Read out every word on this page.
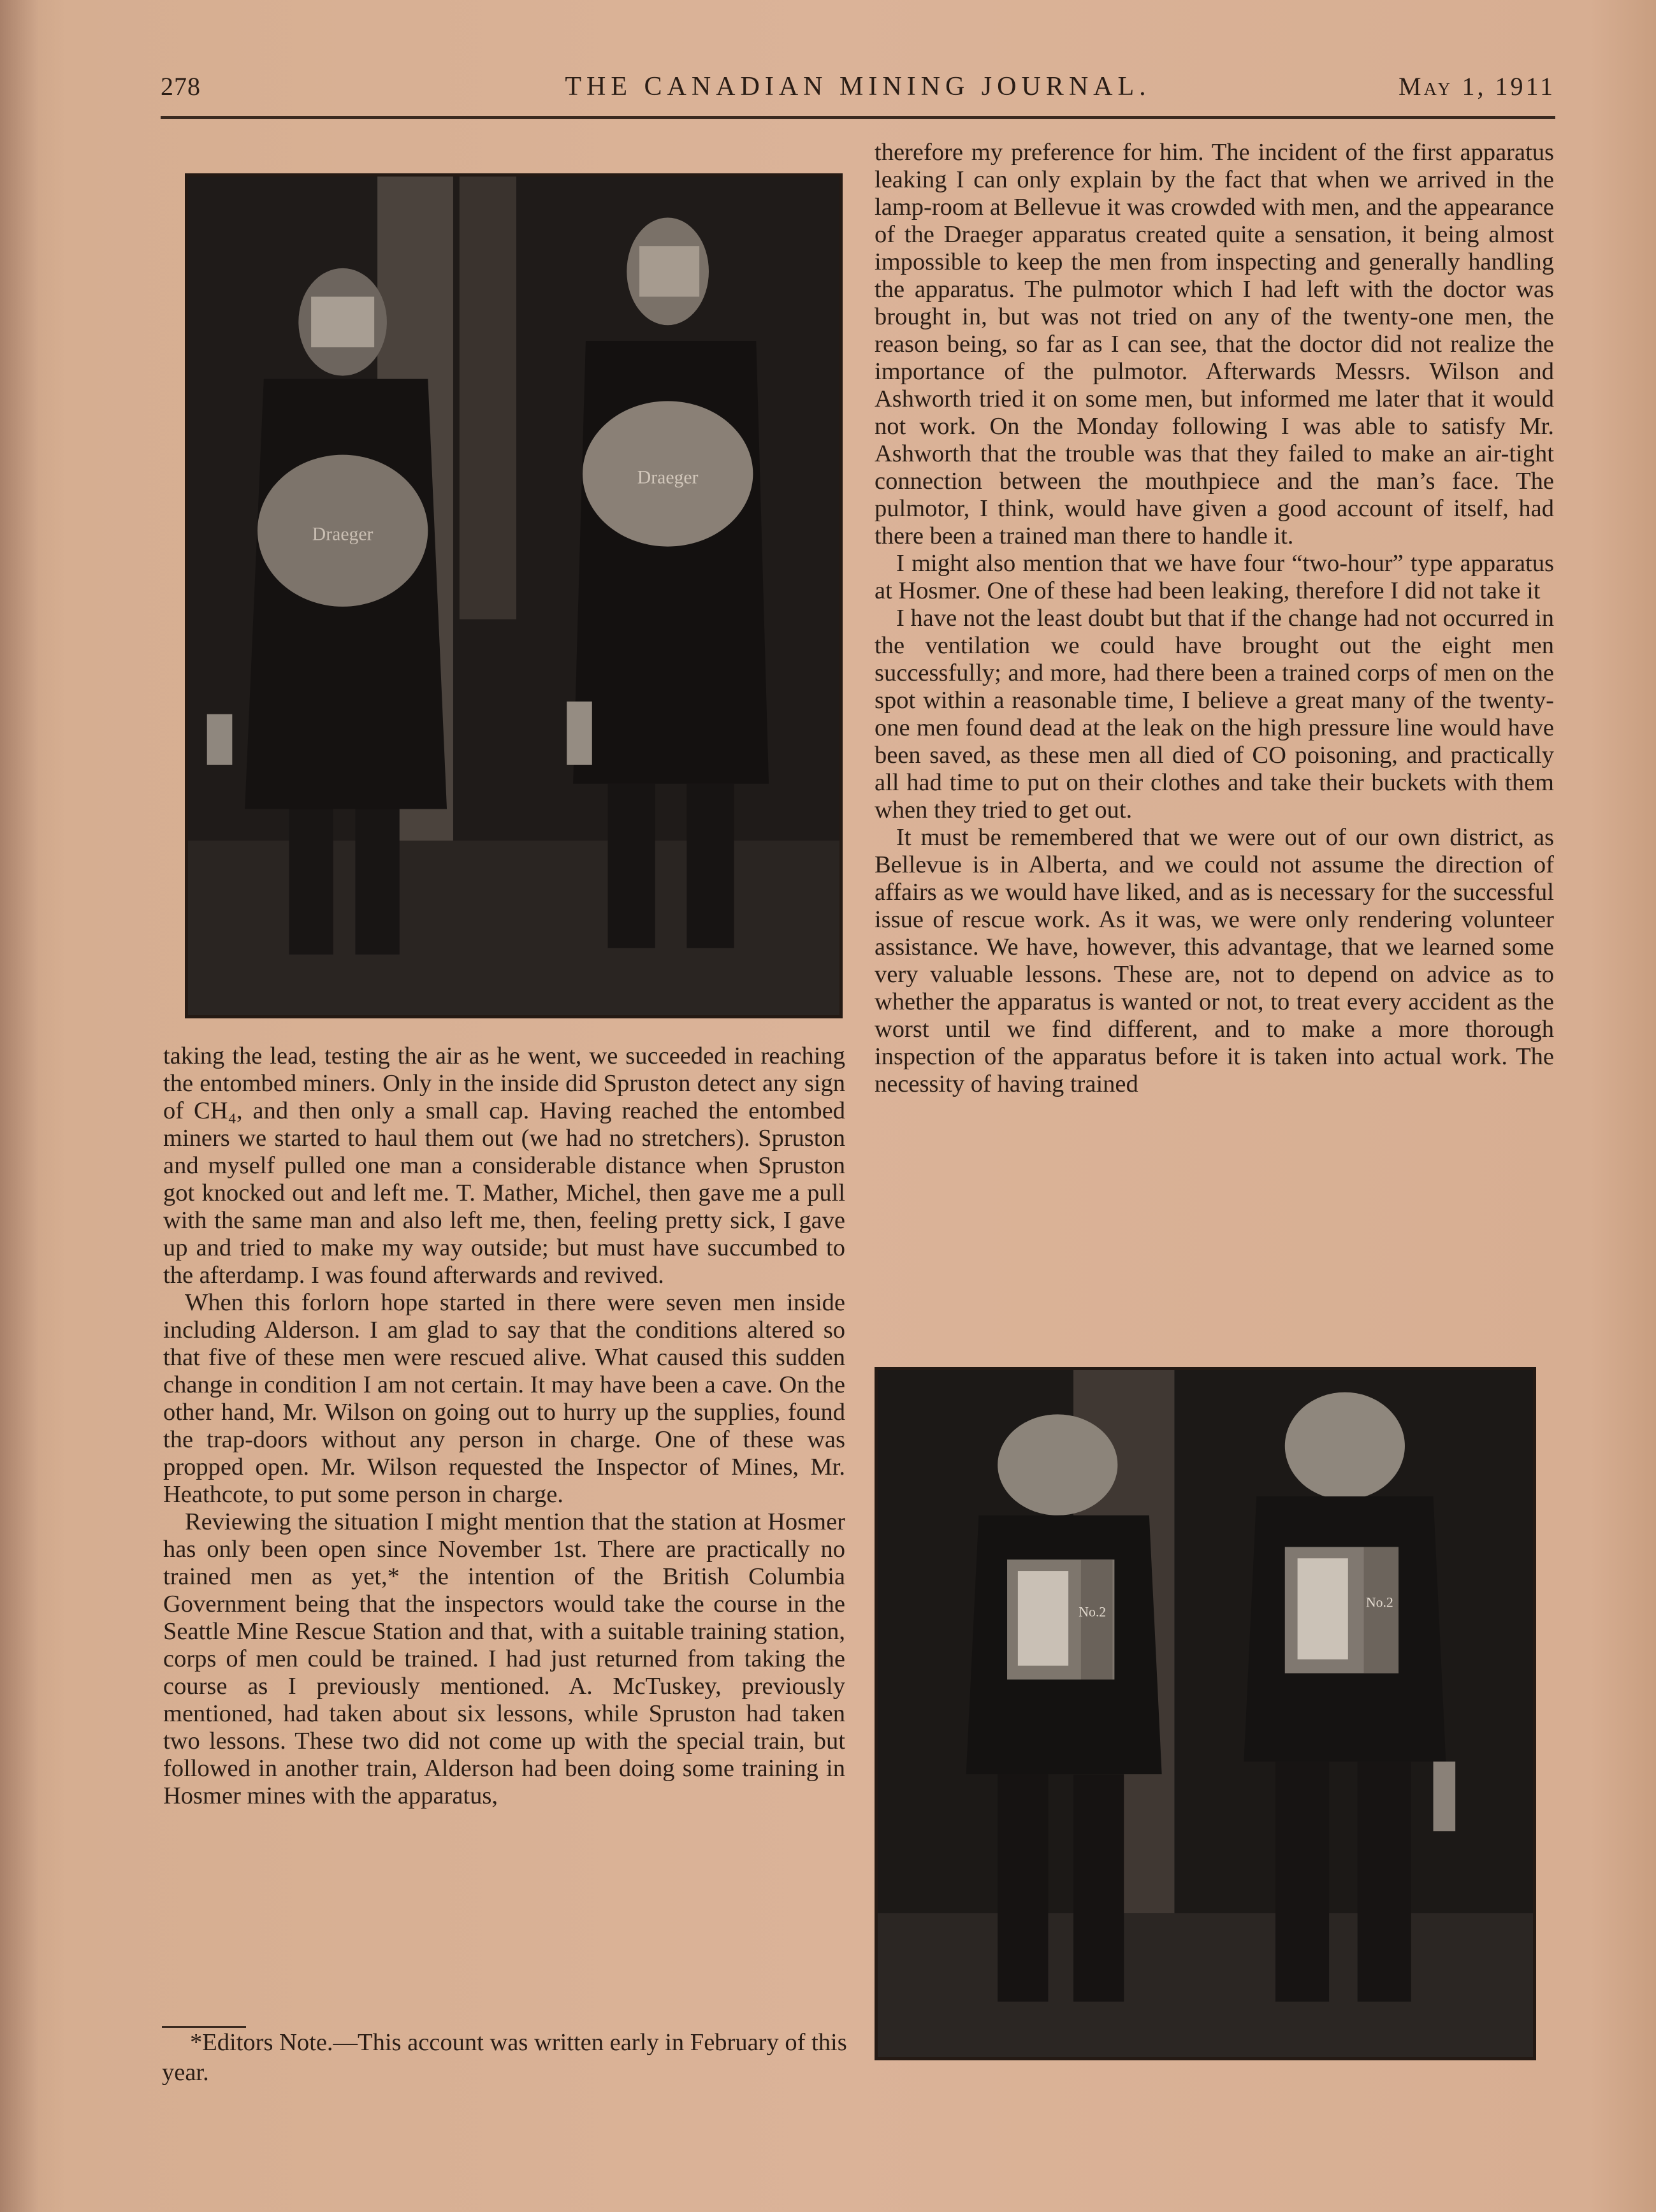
278	THE CANADIAN MINING JOURNAL.	May 1, 1911
Draeger
Draeger
No.2
No.2

therefore my preference for him. The incident of the first apparatus leaking I can only explain by the fact that when we arrived in the lamp-room at Bellevue it was crowded with men, and the appearance of the Draeger apparatus created quite a sensation, it being almost impossible to keep the men from inspecting and generally handling the apparatus. The pulmotor which I had left with the doctor was brought in, but was not tried on any of the twenty-one men, the reason being, so far as I can see, that the doctor did not realize the importance of the pulmotor. Afterwards Messrs. Wilson and Ashworth tried it on some men, but informed me later that it would not work. On the Monday following I was able to satisfy Mr. Ashworth that the trouble was that they failed to make an air-tight connection between the mouthpiece and the man’s face. The pulmotor, I think, would have given a good account of itself, had there been a trained man there to handle it.

I might also mention that we have four “two-hour” type apparatus at Hosmer. One of these had been leaking, therefore I did not take it

I have not the least doubt but that if the change had not occurred in the ventilation we could have brought out the eight men successfully; and more, had there been a trained corps of men on the spot within a reasonable time, I believe a great many of the twenty-one men found dead at the leak on the high pressure line would have been saved, as these men all died of CO poisoning, and practically all had time to put on their clothes and take their buckets with them when they tried to get out.

It must be remembered that we were out of our own district, as Bellevue is in Alberta, and we could not assume the direction of affairs as we would have liked, and as is necessary for the successful issue of rescue work. As it was, we were only rendering volunteer assistance. We have, however, this advantage, that we learned some very valuable lessons. These are, not to depend on advice as to whether the apparatus is wanted or not, to treat every accident as the worst until we find different, and to make a more thorough inspection of the apparatus before it is taken into actual work. The necessity of having trained

taking the lead, testing the air as he went, we succeeded in reaching the entombed miners. Only in the inside did Spruston detect any sign of CH₄, and then only a small cap. Having reached the entombed miners we started to haul them out (we had no stretchers). Spruston and myself pulled one man a considerable distance when Spruston got knocked out and left me. T. Mather, Michel, then gave me a pull with the same man and also left me, then, feeling pretty sick, I gave up and tried to make my way outside; but must have succumbed to the afterdamp. I was found afterwards and revived.

When this forlorn hope started in there were seven men inside including Alderson. I am glad to say that the conditions altered so that five of these men were rescued alive. What caused this sudden change in condition I am not certain. It may have been a cave. On the other hand, Mr. Wilson on going out to hurry up the supplies, found the trap-doors without any person in charge. One of these was propped open. Mr. Wilson requested the Inspector of Mines, Mr. Heathcote, to put some person in charge.

Reviewing the situation I might mention that the station at Hosmer has only been open since November 1st. There are practically no trained men as yet,* the intention of the British Columbia Government being that the inspectors would take the course in the Seattle Mine Rescue Station and that, with a suitable training station, corps of men could be trained. I had just returned from taking the course as I previously mentioned. A. McTuskey, previously mentioned, had taken about six lessons, while Spruston had taken two lessons. These two did not come up with the special train, but followed in another train, Alderson had been doing some training in Hosmer mines with the apparatus,

*Editors Note.—This account was written early in February of this year.
